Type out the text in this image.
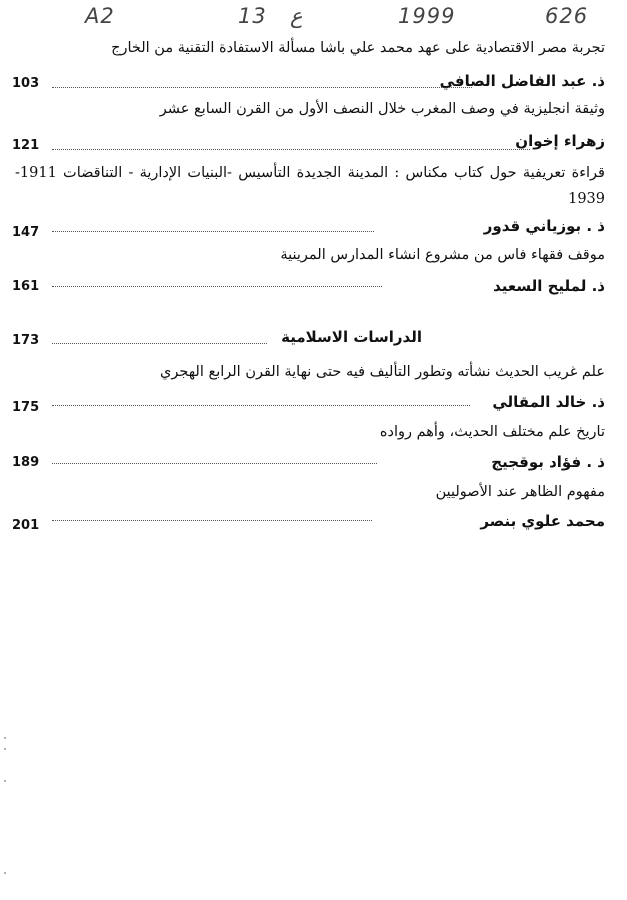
A2	13 ع	1999	626
تجربة مصر الاقتصادية على عهد محمد علي باشا مسألة الاستفادة التقنية من الخارج
103	ذ. عبد الفاضل الصافي
وثيقة انجليزية في وصف المغرب خلال النصف الأول من القرن السابع عشر
121	زهراء إخوان
قراءة تعريفية حول كتاب مكناس : المدينة الجديدة التأسيس -البنيات الإدارية - التناقضات 1911-1939
147	ذ . بوزياني قدور
موقف فقهاء فاس من مشروع انشاء المدارس المرينية
161	ذ. لمليح السعيد
173	الدراسات الاسلامية
علم غريب الحديث نشأته وتطور التأليف فيه حتى نهاية القرن الرابع الهجري
175	ذ. خالد المقالي
تاريخ علم مختلف الحديث، وأهم رواده
189	ذ . فؤاد بوقجيج
مفهوم الظاهر عند الأصوليين
201	محمد علوي بنصر
